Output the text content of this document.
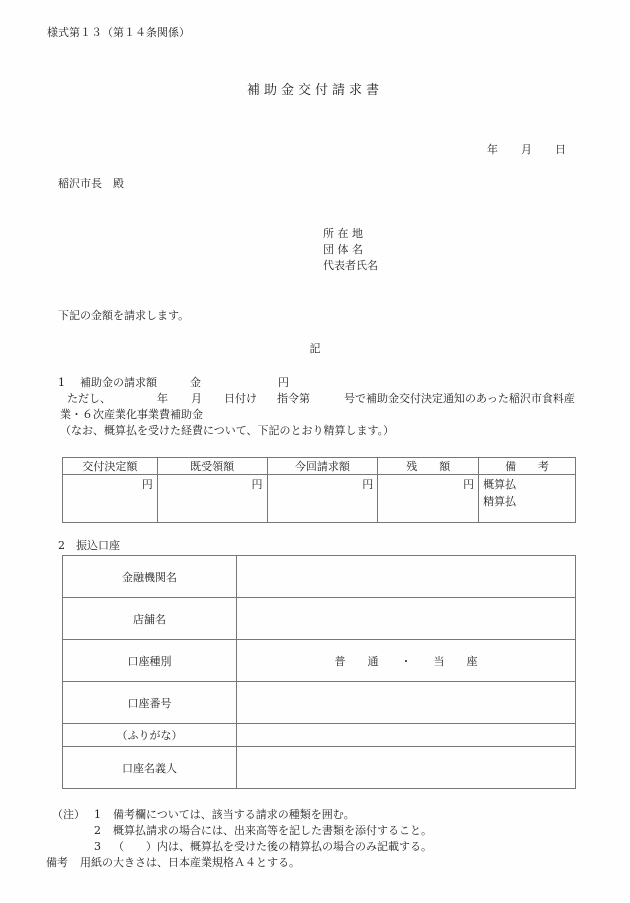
様式第１３（第１４条関係）
補助金交付請求書
年 月 日
稲沢市長　殿
所 在 地
団 体 名
代表者氏名
下記の金額を請求します。
記
1 補助金の請求額	金	円
ただし、	年 月 日付け 指令第	号で補助金交付決定通知のあった稲沢市食料産
業・６次産業化事業費補助金
（なお、概算払を受けた経費について、下記のとおり精算します。）
交付決定額	既受領額	今回請求額	残　　額	備　　考
円	円	円	円	概算払
精算払
2　振込口座
金融機関名	
店舗名	
口座種別	普　　通　　・　　当　　座
口座番号	
（ふりがな）	
口座名義人	
（注） 1 備考欄については、該当する請求の種類を囲む。
2 概算払請求の場合には、出来高等を記した書類を添付すること。
3 （　　）内は、概算払を受けた後の精算払の場合のみ記載する。
備考 用紙の大きさは、日本産業規格Ａ４とする。
